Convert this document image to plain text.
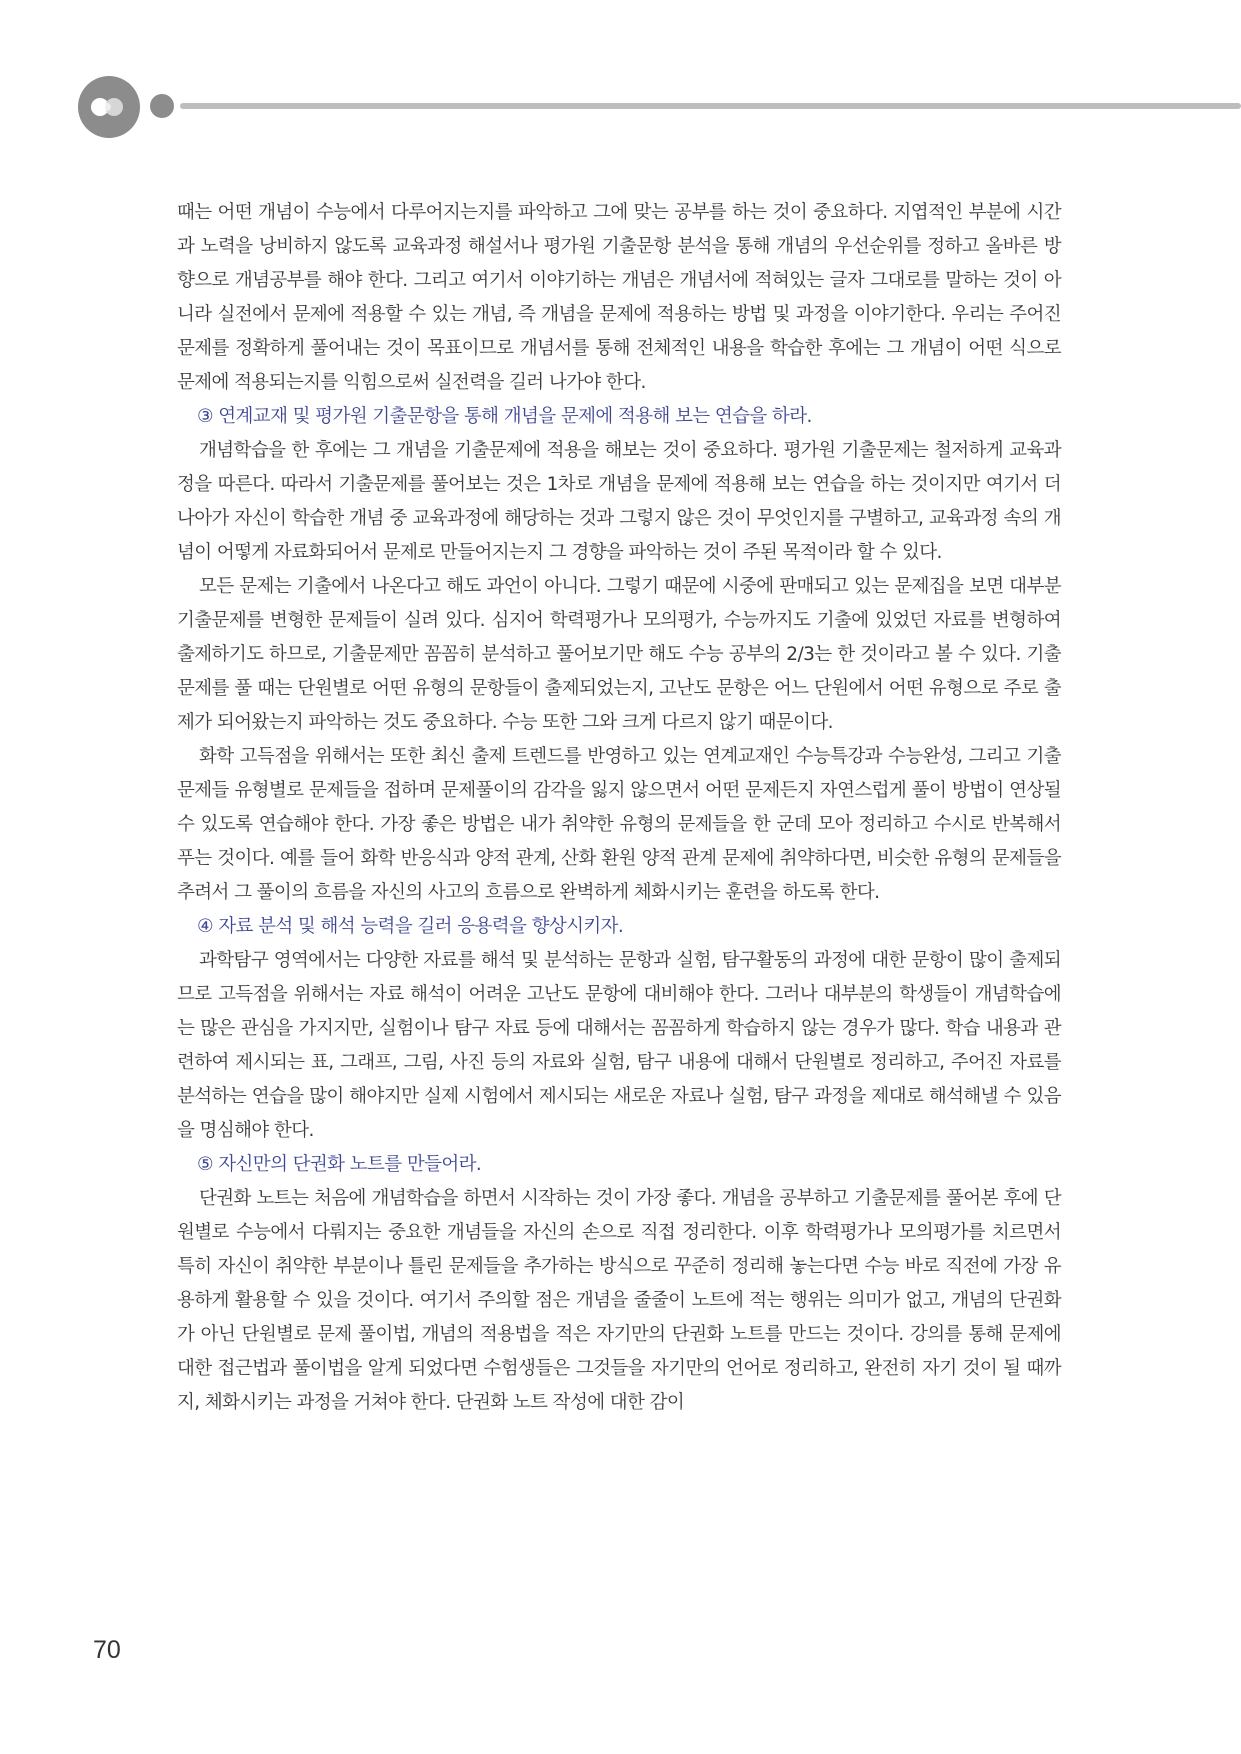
때는 어떤 개념이 수능에서 다루어지는지를 파악하고 그에 맞는 공부를 하는 것이 중요하다. 지엽적인 부분에 시간과 노력을 낭비하지 않도록 교육과정 해설서나 평가원 기출문항 분석을 통해 개념의 우선순위를 정하고 올바른 방향으로 개념공부를 해야 한다. 그리고 여기서 이야기하는 개념은 개념서에 적혀있는 글자 그대로를 말하는 것이 아니라 실전에서 문제에 적용할 수 있는 개념, 즉 개념을 문제에 적용하는 방법 및 과정을 이야기한다. 우리는 주어진 문제를 정확하게 풀어내는 것이 목표이므로 개념서를 통해 전체적인 내용을 학습한 후에는 그 개념이 어떤 식으로 문제에 적용되는지를 익힘으로써 실전력을 길러 나가야 한다.

③ 연계교재 및 평가원 기출문항을 통해 개념을 문제에 적용해 보는 연습을 하라.

개념학습을 한 후에는 그 개념을 기출문제에 적용을 해보는 것이 중요하다. 평가원 기출문제는 철저하게 교육과정을 따른다. 따라서 기출문제를 풀어보는 것은 1차로 개념을 문제에 적용해 보는 연습을 하는 것이지만 여기서 더 나아가 자신이 학습한 개념 중 교육과정에 해당하는 것과 그렇지 않은 것이 무엇인지를 구별하고, 교육과정 속의 개념이 어떻게 자료화되어서 문제로 만들어지는지 그 경향을 파악하는 것이 주된 목적이라 할 수 있다.

모든 문제는 기출에서 나온다고 해도 과언이 아니다. 그렇기 때문에 시중에 판매되고 있는 문제집을 보면 대부분 기출문제를 변형한 문제들이 실려 있다. 심지어 학력평가나 모의평가, 수능까지도 기출에 있었던 자료를 변형하여 출제하기도 하므로, 기출문제만 꼼꼼히 분석하고 풀어보기만 해도 수능 공부의 2/3는 한 것이라고 볼 수 있다. 기출문제를 풀 때는 단원별로 어떤 유형의 문항들이 출제되었는지, 고난도 문항은 어느 단원에서 어떤 유형으로 주로 출제가 되어왔는지 파악하는 것도 중요하다. 수능 또한 그와 크게 다르지 않기 때문이다.

화학 고득점을 위해서는 또한 최신 출제 트렌드를 반영하고 있는 연계교재인 수능특강과 수능완성, 그리고 기출문제들 유형별로 문제들을 접하며 문제풀이의 감각을 잃지 않으면서 어떤 문제든지 자연스럽게 풀이 방법이 연상될 수 있도록 연습해야 한다. 가장 좋은 방법은 내가 취약한 유형의 문제들을 한 군데 모아 정리하고 수시로 반복해서 푸는 것이다. 예를 들어 화학 반응식과 양적 관계, 산화 환원 양적 관계 문제에 취약하다면, 비슷한 유형의 문제들을 추려서 그 풀이의 흐름을 자신의 사고의 흐름으로 완벽하게 체화시키는 훈련을 하도록 한다.

④ 자료 분석 및 해석 능력을 길러 응용력을 향상시키자.

과학탐구 영역에서는 다양한 자료를 해석 및 분석하는 문항과 실험, 탐구활동의 과정에 대한 문항이 많이 출제되므로 고득점을 위해서는 자료 해석이 어려운 고난도 문항에 대비해야 한다. 그러나 대부분의 학생들이 개념학습에는 많은 관심을 가지지만, 실험이나 탐구 자료 등에 대해서는 꼼꼼하게 학습하지 않는 경우가 많다. 학습 내용과 관련하여 제시되는 표, 그래프, 그림, 사진 등의 자료와 실험, 탐구 내용에 대해서 단원별로 정리하고, 주어진 자료를 분석하는 연습을 많이 해야지만 실제 시험에서 제시되는 새로운 자료나 실험, 탐구 과정을 제대로 해석해낼 수 있음을 명심해야 한다.

⑤ 자신만의 단권화 노트를 만들어라.

단권화 노트는 처음에 개념학습을 하면서 시작하는 것이 가장 좋다. 개념을 공부하고 기출문제를 풀어본 후에 단원별로 수능에서 다뤄지는 중요한 개념들을 자신의 손으로 직접 정리한다. 이후 학력평가나 모의평가를 치르면서 특히 자신이 취약한 부분이나 틀린 문제들을 추가하는 방식으로 꾸준히 정리해 놓는다면 수능 바로 직전에 가장 유용하게 활용할 수 있을 것이다. 여기서 주의할 점은 개념을 줄줄이 노트에 적는 행위는 의미가 없고, 개념의 단권화가 아닌 단원별로 문제 풀이법, 개념의 적용법을 적은 자기만의 단권화 노트를 만드는 것이다. 강의를 통해 문제에 대한 접근법과 풀이법을 알게 되었다면 수험생들은 그것들을 자기만의 언어로 정리하고, 완전히 자기 것이 될 때까지, 체화시키는 과정을 거쳐야 한다. 단권화 노트 작성에 대한 감이

70
